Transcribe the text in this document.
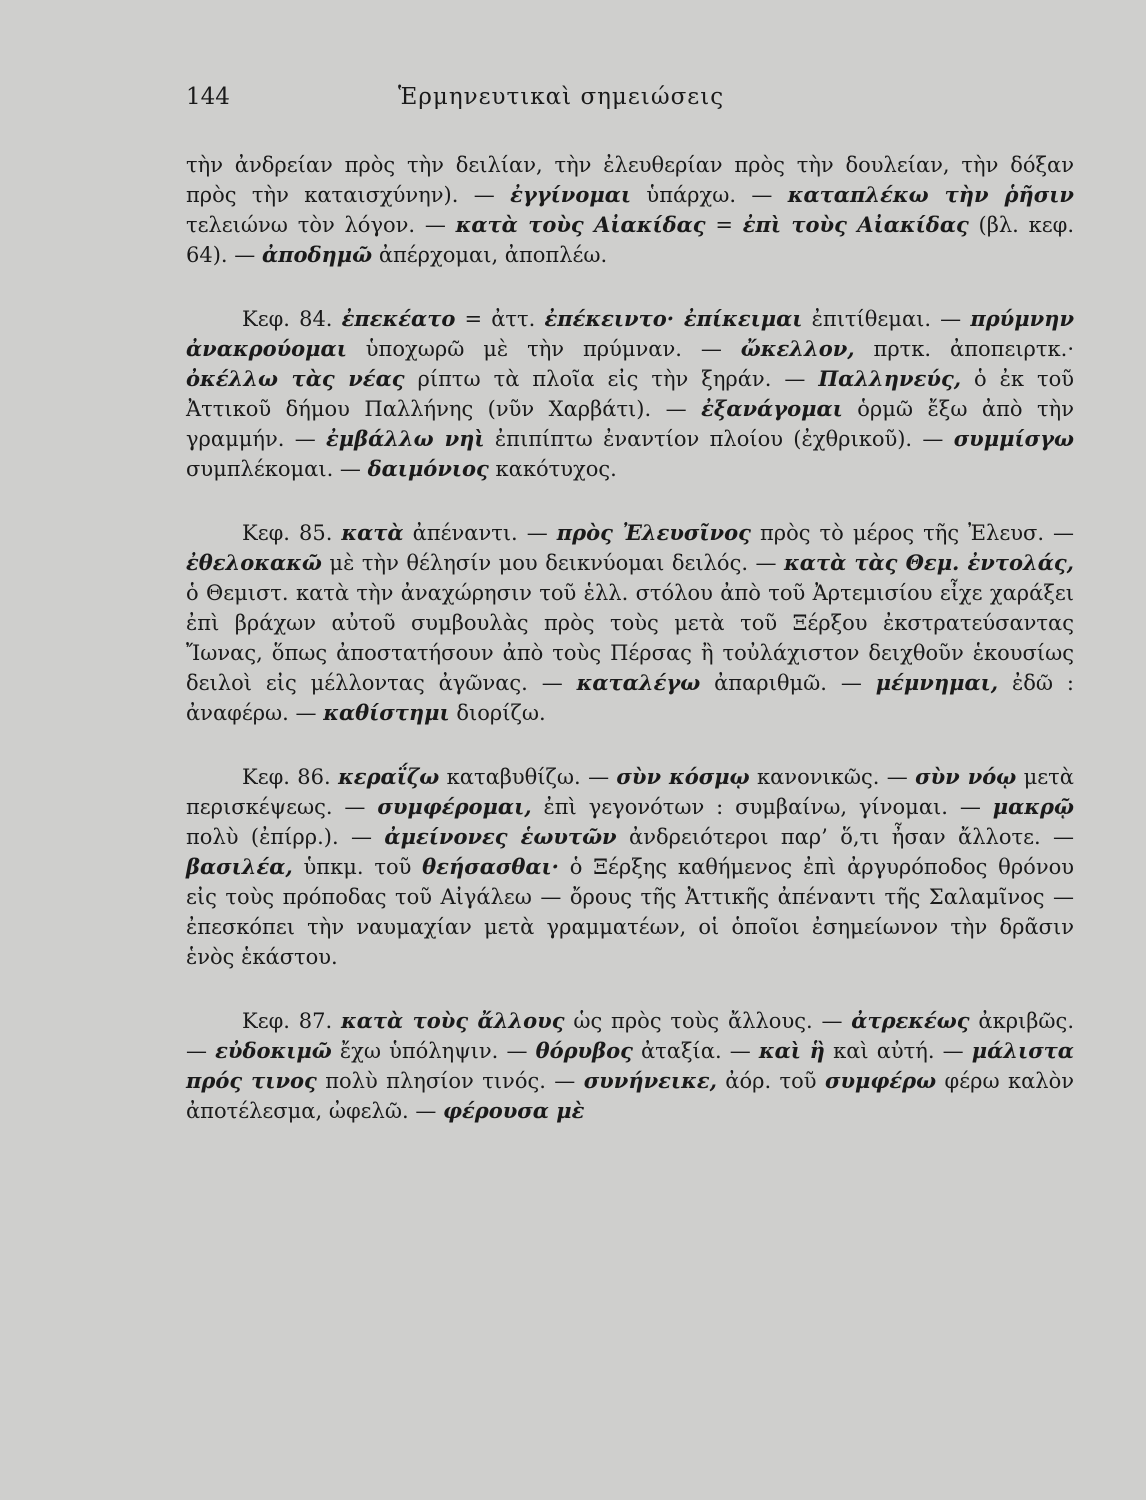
144	Ἑρμηνευτικαὶ σημειώσεις

τὴν ἀνδρείαν πρὸς τὴν δειλίαν, τὴν ἐλευθερίαν πρὸς τὴν δουλείαν, τὴν δόξαν πρὸς τὴν καταισχύνην). — ἐγγίνομαι ὑπάρχω. — καταπλέκω τὴν ῥῆσιν τελειώνω τὸν λόγον. — κατὰ τοὺς Αἰακίδας = ἐπὶ τοὺς Αἰακίδας (βλ. κεφ. 64). — ἀποδημῶ ἀπέρχομαι, ἀποπλέω.

Κεφ. 84. ἐπεκέατο = ἀττ. ἐπέκειντο· ἐπίκειμαι ἐπιτίθεμαι. — πρύμνην ἀνακρούομαι ὑποχωρῶ μὲ τὴν πρύμναν. — ὤκελλον, πρτκ. ἀποπειρτκ.· ὀκέλλω τὰς νέας ρίπτω τὰ πλοῖα εἰς τὴν ξηράν. — Παλληνεύς, ὁ ἐκ τοῦ Ἀττικοῦ δήμου Παλλήνης (νῦν Χαρβάτι). — ἐξανάγομαι ὁρμῶ ἔξω ἀπὸ τὴν γραμμήν. — ἐμβάλλω νηὶ ἐπιπίπτω ἐναντίον πλοίου (ἐχθρικοῦ). — συμμίσγω συμπλέκομαι. — δαιμόνιος κακότυχος.

Κεφ. 85. κατὰ ἀπέναντι. — πρὸς Ἐλευσῖνος πρὸς τὸ μέρος τῆς Ἐλευσ. — ἐθελοκακῶ μὲ τὴν θέλησίν μου δεικνύομαι δειλός. — κατὰ τὰς Θεμ. ἐντολάς, ὁ Θεμιστ. κατὰ τὴν ἀναχώρησιν τοῦ ἑλλ. στόλου ἀπὸ τοῦ Ἀρτεμισίου εἶχε χαράξει ἐπὶ βράχων αὐτοῦ συμβουλὰς πρὸς τοὺς μετὰ τοῦ Ξέρξου ἐκστρατεύσαντας Ἴωνας, ὅπως ἀποστατήσουν ἀπὸ τοὺς Πέρσας ἢ τοὐλάχιστον δειχθοῦν ἑκουσίως δειλοὶ εἰς μέλλοντας ἀγῶνας. — καταλέγω ἀπαριθμῶ. — μέμνημαι, ἐδῶ : ἀναφέρω. — καθίστημι διορίζω.

Κεφ. 86. κεραΐζω καταβυθίζω. — σὺν κόσμῳ κανονικῶς. — σὺν νόῳ μετὰ περισκέψεως. — συμφέρομαι, ἐπὶ γεγονότων : συμβαίνω, γίνομαι. — μακρῷ πολὺ (ἐπίρρ.). — ἀμείνονες ἑωυτῶν ἀνδρειότεροι παρ’ ὅ,τι ἦσαν ἄλλοτε. — βασιλέα, ὑπκμ. τοῦ θεήσασθαι· ὁ Ξέρξης καθήμενος ἐπὶ ἀργυρόποδος θρόνου εἰς τοὺς πρόποδας τοῦ Αἰγάλεω — ὄρους τῆς Ἀττικῆς ἀπέναντι τῆς Σαλαμῖνος — ἐπεσκόπει τὴν ναυμαχίαν μετὰ γραμματέων, οἱ ὁποῖοι ἐσημείωνον τὴν δρᾶσιν ἑνὸς ἑκάστου.

Κεφ. 87. κατὰ τοὺς ἄλλους ὡς πρὸς τοὺς ἄλλους. — ἀτρεκέως ἀκριβῶς. — εὐδοκιμῶ ἔχω ὑπόληψιν. — θόρυβος ἀταξία. — καὶ ἣ καὶ αὐτή. — μάλιστα πρός τινος πολὺ πλησίον τινός. — συνήνεικε, ἀόρ. τοῦ συμφέρω φέρω καλὸν ἀποτέλεσμα, ὠφελῶ. — φέρουσα μὲ
